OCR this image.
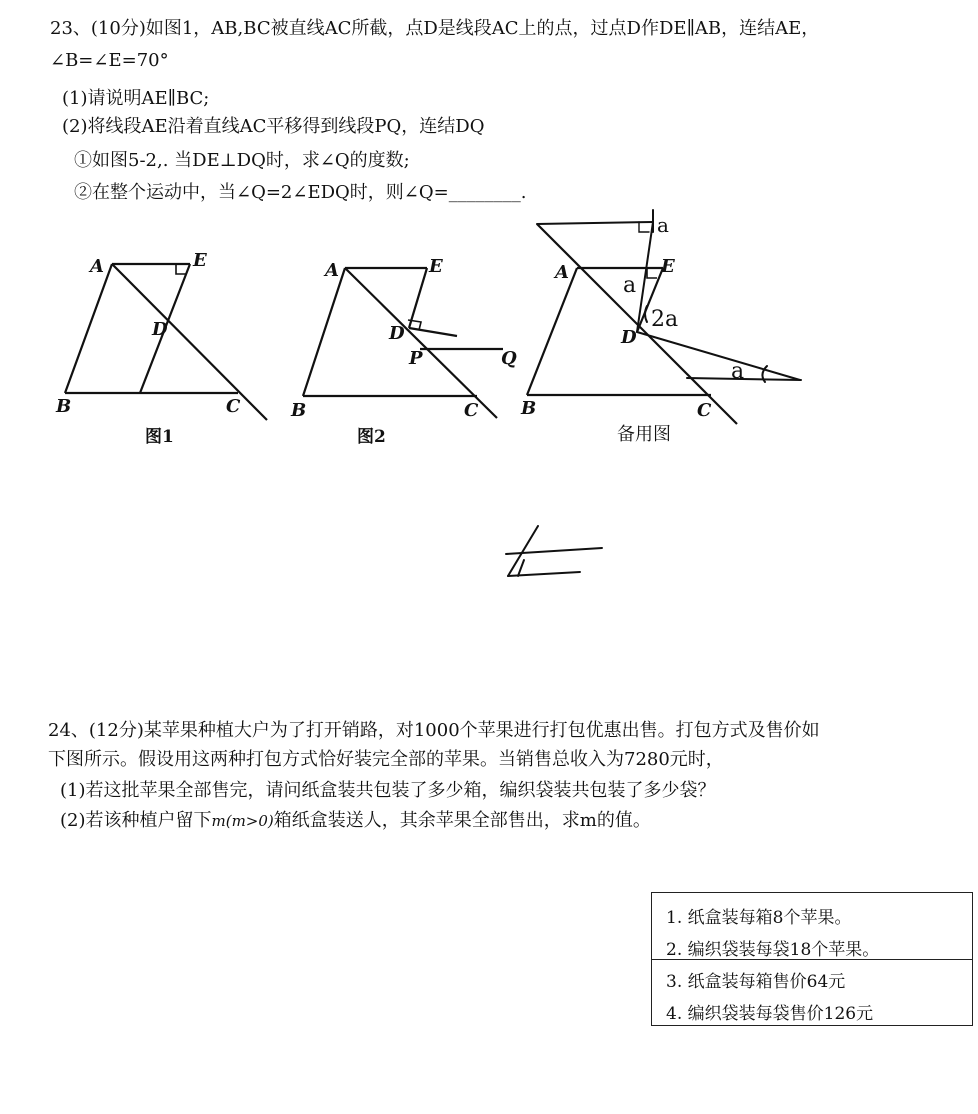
23、(10分)如图1，AB,BC被直线AC所截，点D是线段AC上的点，过点D作DE∥AB，连结AE，
∠B=∠E=70°
(1)请说明AE∥BC;
(2)将线段AE沿着直线AC平移得到线段PQ，连结DQ
①如图5-2,. 当DE⊥DQ时，求∠Q的度数;
②在整个运动中，当∠Q=2∠EDQ时，则∠Q=________.
A	E
D
B	C
图1
A	E
D
P	Q
B	C
图2
A	E
D
B	C
a
a
2a
a
备用图
24、(12分)某苹果种植大户为了打开销路，对1000个苹果进行打包优惠出售。打包方式及售价如
下图所示。假设用这两种打包方式恰好装完全部的苹果。当销售总收入为7280元时，
(1)若这批苹果全部售完，请问纸盒装共包装了多少箱，编织袋装共包装了多少袋？
(2)若该种植户留下m(m>0)箱纸盒装送人，其余苹果全部售出，求m的值。
1. 纸盒装每箱8个苹果。
2. 编织袋装每袋18个苹果。
3. 纸盒装每箱售价64元
4. 编织袋装每袋售价126元
